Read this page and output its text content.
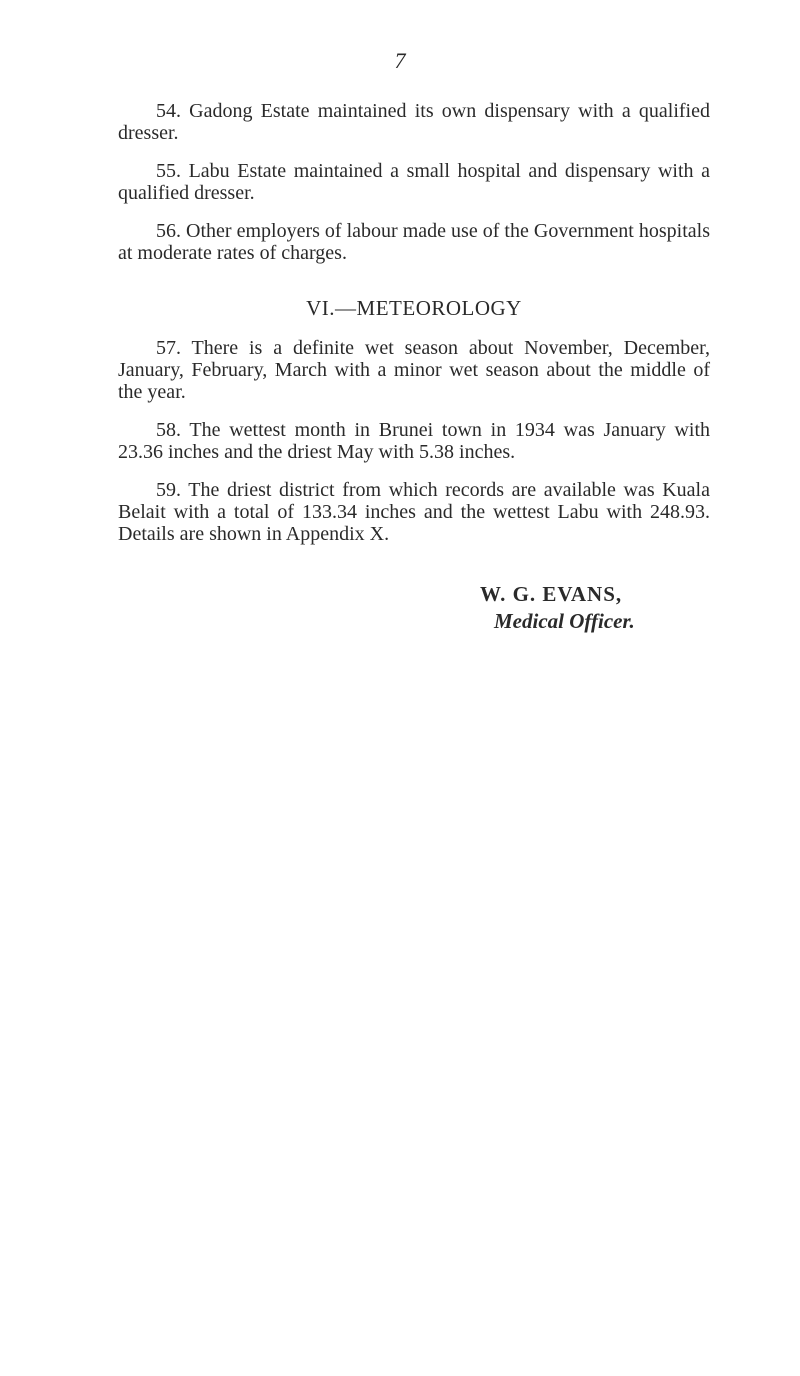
7

54. Gadong Estate maintained its own dispensary with a qualified dresser.

55. Labu Estate maintained a small hospital and dispensary with a qualified dresser.

56. Other employers of labour made use of the Government hospitals at moderate rates of charges.

VI.—METEOROLOGY

57. There is a definite wet season about November, December, January, February, March with a minor wet season about the middle of the year.

58. The wettest month in Brunei town in 1934 was January with 23.36 inches and the driest May with 5.38 inches.

59. The driest district from which records are available was Kuala Belait with a total of 133.34 inches and the wettest Labu with 248.93. Details are shown in Appendix X.

W. G. EVANS,
Medical Officer.
